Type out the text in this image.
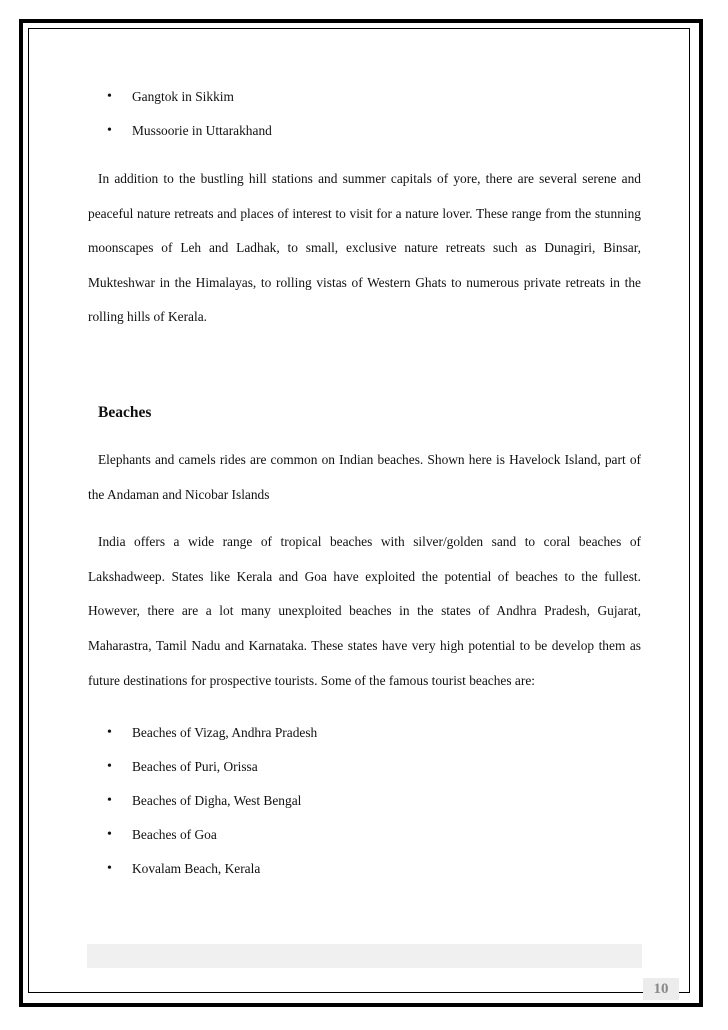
• Gangtok in Sikkim
• Mussoorie in Uttarakhand

In addition to the bustling hill stations and summer capitals of yore, there are several serene and peaceful nature retreats and places of interest to visit for a nature lover. These range from the stunning moonscapes of Leh and Ladhak, to small, exclusive nature retreats such as Dunagiri, Binsar, Mukteshwar in the Himalayas, to rolling vistas of Western Ghats to numerous private retreats in the rolling hills of Kerala.

Beaches

Elephants and camels rides are common on Indian beaches. Shown here is Havelock Island, part of the Andaman and Nicobar Islands

India offers a wide range of tropical beaches with silver/golden sand to coral beaches of Lakshadweep. States like Kerala and Goa have exploited the potential of beaches to the fullest. However, there are a lot many unexploited beaches in the states of Andhra Pradesh, Gujarat, Maharastra, Tamil Nadu and Karnataka. These states have very high potential to be develop them as future destinations for prospective tourists. Some of the famous tourist beaches are:

• Beaches of Vizag, Andhra Pradesh
• Beaches of Puri, Orissa
• Beaches of Digha, West Bengal
• Beaches of Goa
• Kovalam Beach, Kerala
10
